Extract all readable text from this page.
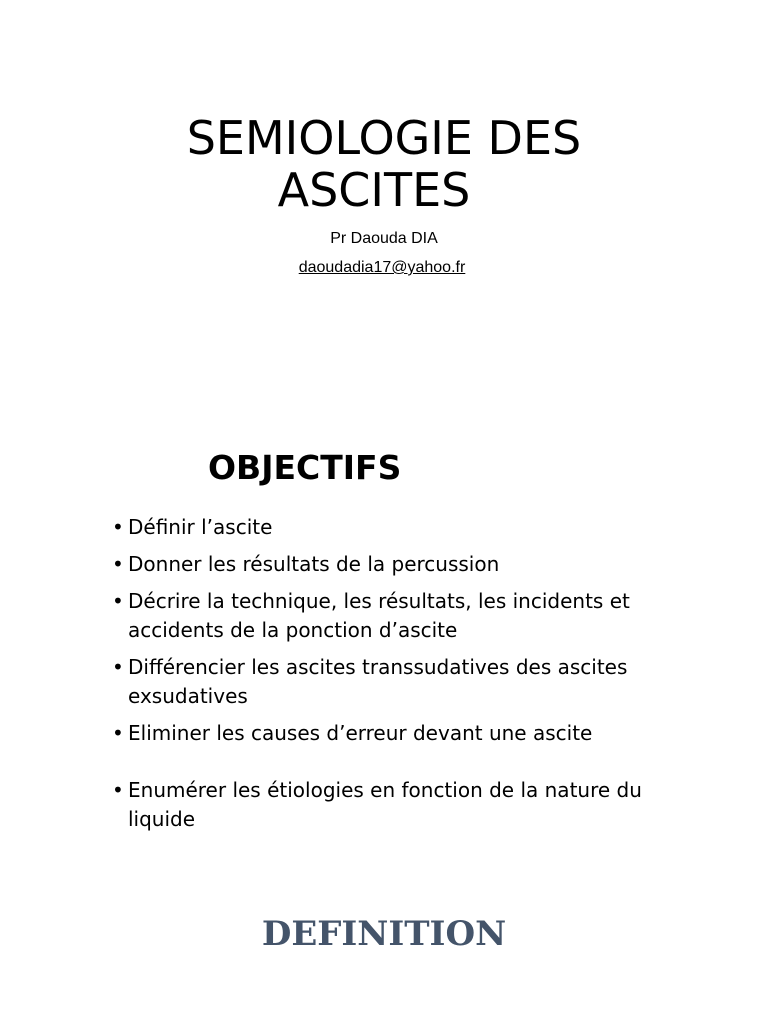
SEMIOLOGIE DES
ASCITES
Pr Daouda DIA
daoudadia17@yahoo.fr
OBJECTIFS
• Définir l’ascite
• Donner les résultats de la percussion
• Décrire la technique, les résultats, les incidents et accidents de la ponction d’ascite
• Différencier les ascites transsudatives des ascites exsudatives
• Eliminer les causes d’erreur devant une ascite
• Enumérer les étiologies en fonction de la nature du liquide
DEFINITION
